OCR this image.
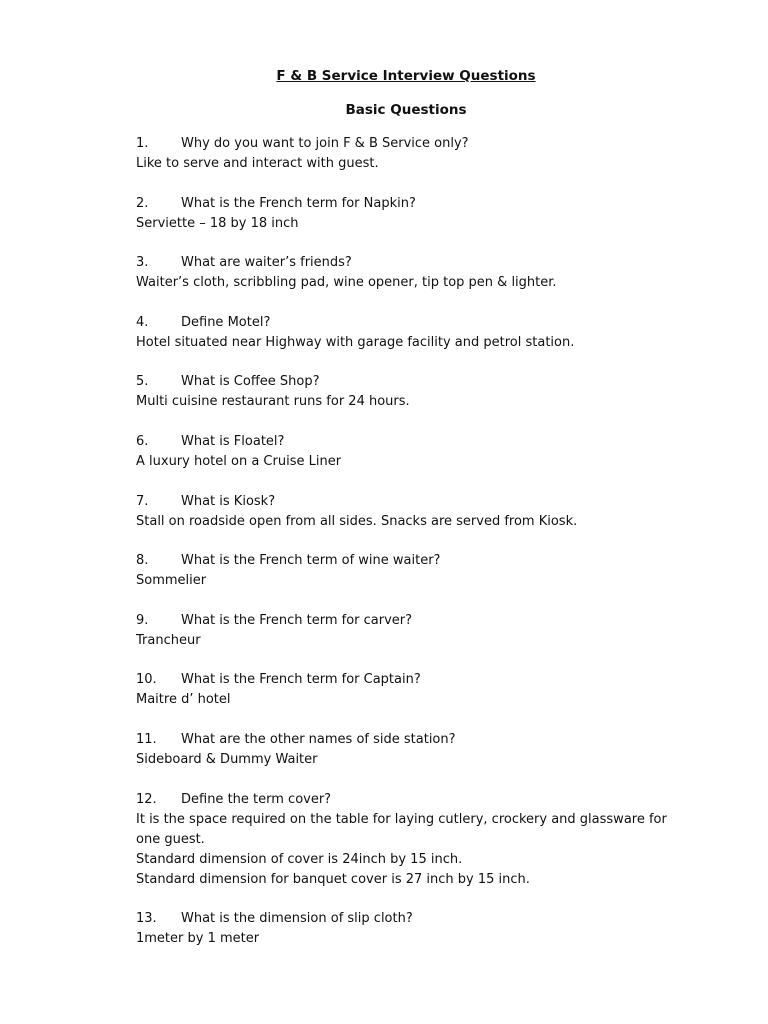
F & B Service Interview Questions
Basic Questions
1.	Why do you want to join F & B Service only?
Like to serve and interact with guest.
2.	What is the French term for Napkin?
Serviette – 18 by 18 inch
3.	What are waiter’s friends?
Waiter’s cloth, scribbling pad, wine opener, tip top pen & lighter.
4.	Define Motel?
Hotel situated near Highway with garage facility and petrol station.
5.	What is Coffee Shop?
Multi cuisine restaurant runs for 24 hours.
6.	What is Floatel?
A luxury hotel on a Cruise Liner
7.	What is Kiosk?
Stall on roadside open from all sides. Snacks are served from Kiosk.
8.	What is the French term of wine waiter?
Sommelier
9.	What is the French term for carver?
Trancheur
10.	What is the French term for Captain?
Maitre d’ hotel
11.	What are the other names of side station?
Sideboard & Dummy Waiter
12.	Define the term cover?
It is the space required on the table for laying cutlery, crockery and glassware for
one guest.
Standard dimension of cover is 24inch by 15 inch.
Standard dimension for banquet cover is 27 inch by 15 inch.
13.	What is the dimension of slip cloth?
1meter by 1 meter
